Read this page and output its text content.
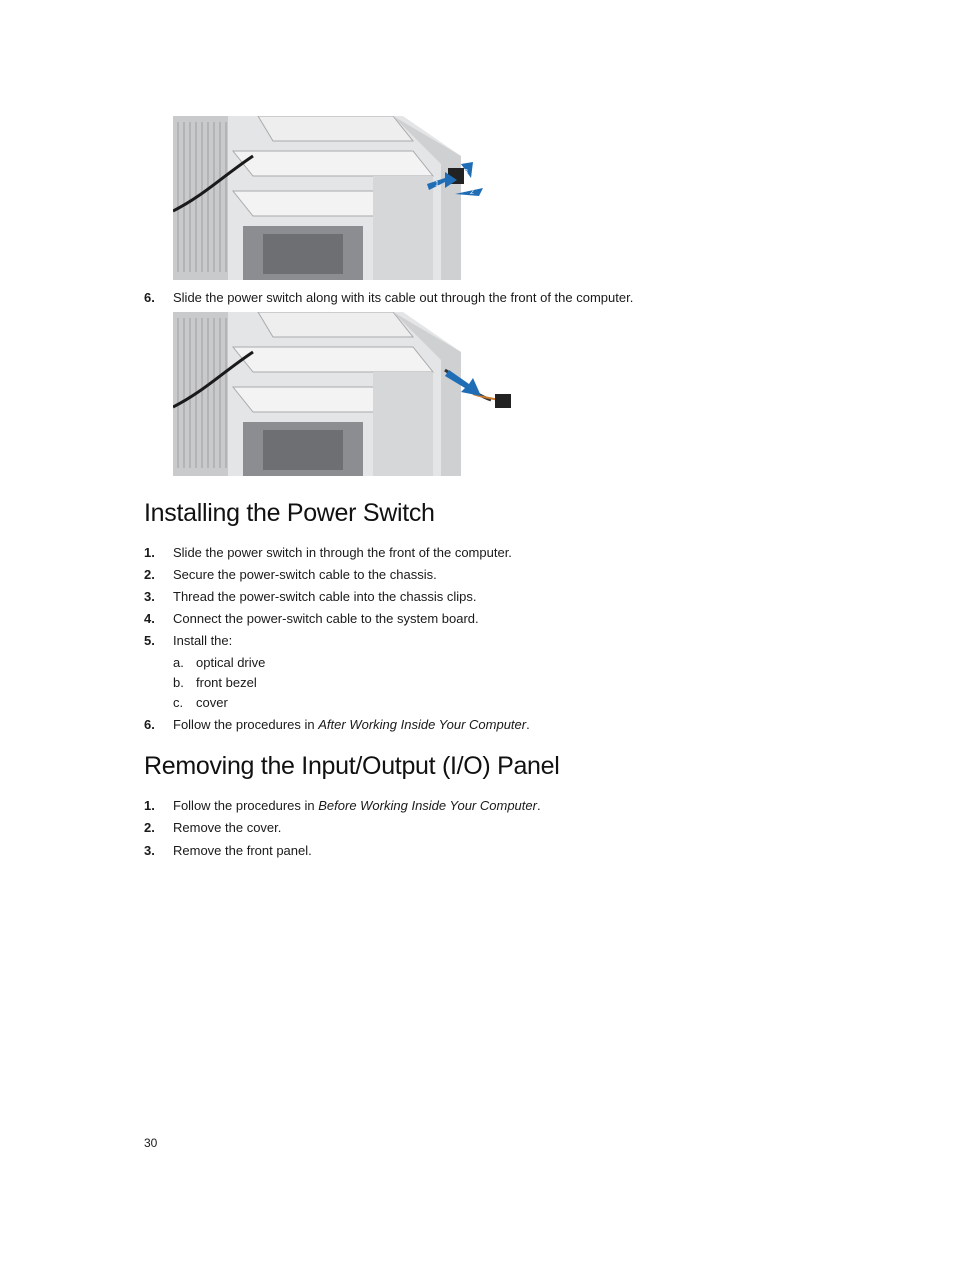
1
3
2
6. Slide the power switch along with its cable out through the front of the computer.
Installing the Power Switch
1. Slide the power switch in through the front of the computer.
2. Secure the power-switch cable to the chassis.
3. Thread the power-switch cable into the chassis clips.
4. Connect the power-switch cable to the system board.
5. Install the:
a. optical drive
b. front bezel
c. cover
6. Follow the procedures in After Working Inside Your Computer.
Removing the Input/Output (I/O) Panel
1. Follow the procedures in Before Working Inside Your Computer.
2. Remove the cover.
3. Remove the front panel.
30
